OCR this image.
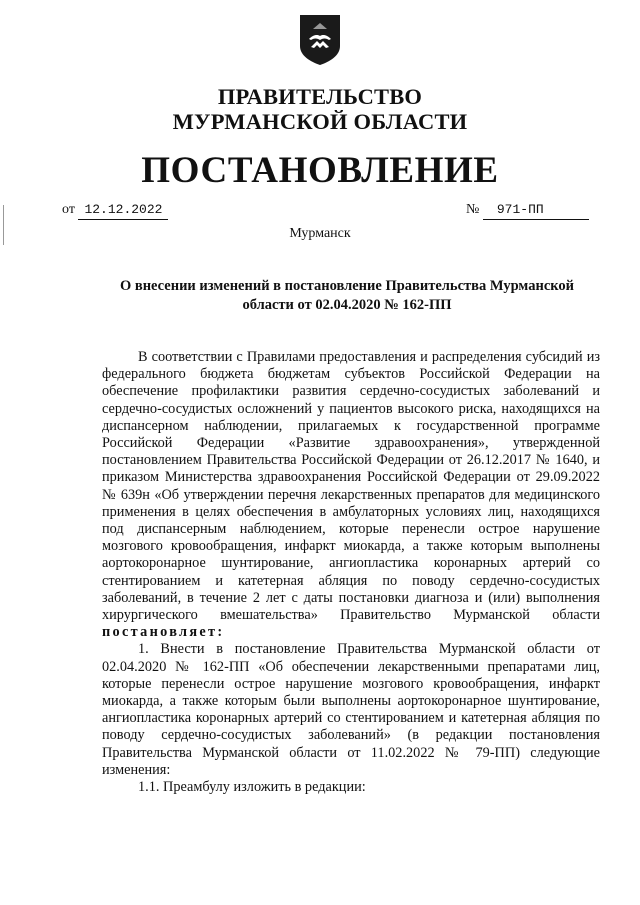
ПРАВИТЕЛЬСТВО
МУРМАНСКОЙ ОБЛАСТИ
ПОСТАНОВЛЕНИЕ
от 12.12.2022	№ 971-ПП
Мурманск
О внесении изменений в постановление Правительства Мурманской области от 02.04.2020 № 162-ПП

В соответствии с Правилами предоставления и распределения субсидий из федерального бюджета бюджетам субъектов Российской Федерации на обеспечение профилактики развития сердечно-сосудистых заболеваний и сердечно-сосудистых осложнений у пациентов высокого риска, находящихся на диспансерном наблюдении, прилагаемых к государственной программе Российской Федерации «Развитие здравоохранения», утвержденной постановлением Правительства Российской Федерации от 26.12.2017 № 1640, и приказом Министерства здравоохранения Российской Федерации от 29.09.2022 № 639н «Об утверждении перечня лекарственных препаратов для медицинского применения в целях обеспечения в амбулаторных условиях лиц, находящихся под диспансерным наблюдением, которые перенесли острое нарушение мозгового кровообращения, инфаркт миокарда, а также которым выполнены аортокоронарное шунтирование, ангиопластика коронарных артерий со стентированием и катетерная абляция по поводу сердечно-сосудистых заболеваний, в течение 2 лет с даты постановки диагноза и (или) выполнения хирургического вмешательства» Правительство Мурманской области постановляет:

1. Внести в постановление Правительства Мурманской области от 02.04.2020 № 162-ПП «Об обеспечении лекарственными препаратами лиц, которые перенесли острое нарушение мозгового кровообращения, инфаркт миокарда, а также которым были выполнены аортокоронарное шунтирование, ангиопластика коронарных артерий со стентированием и катетерная абляция по поводу сердечно-сосудистых заболеваний» (в редакции постановления Правительства Мурманской области от 11.02.2022 № 79-ПП) следующие изменения:

1.1. Преамбулу изложить в редакции:
